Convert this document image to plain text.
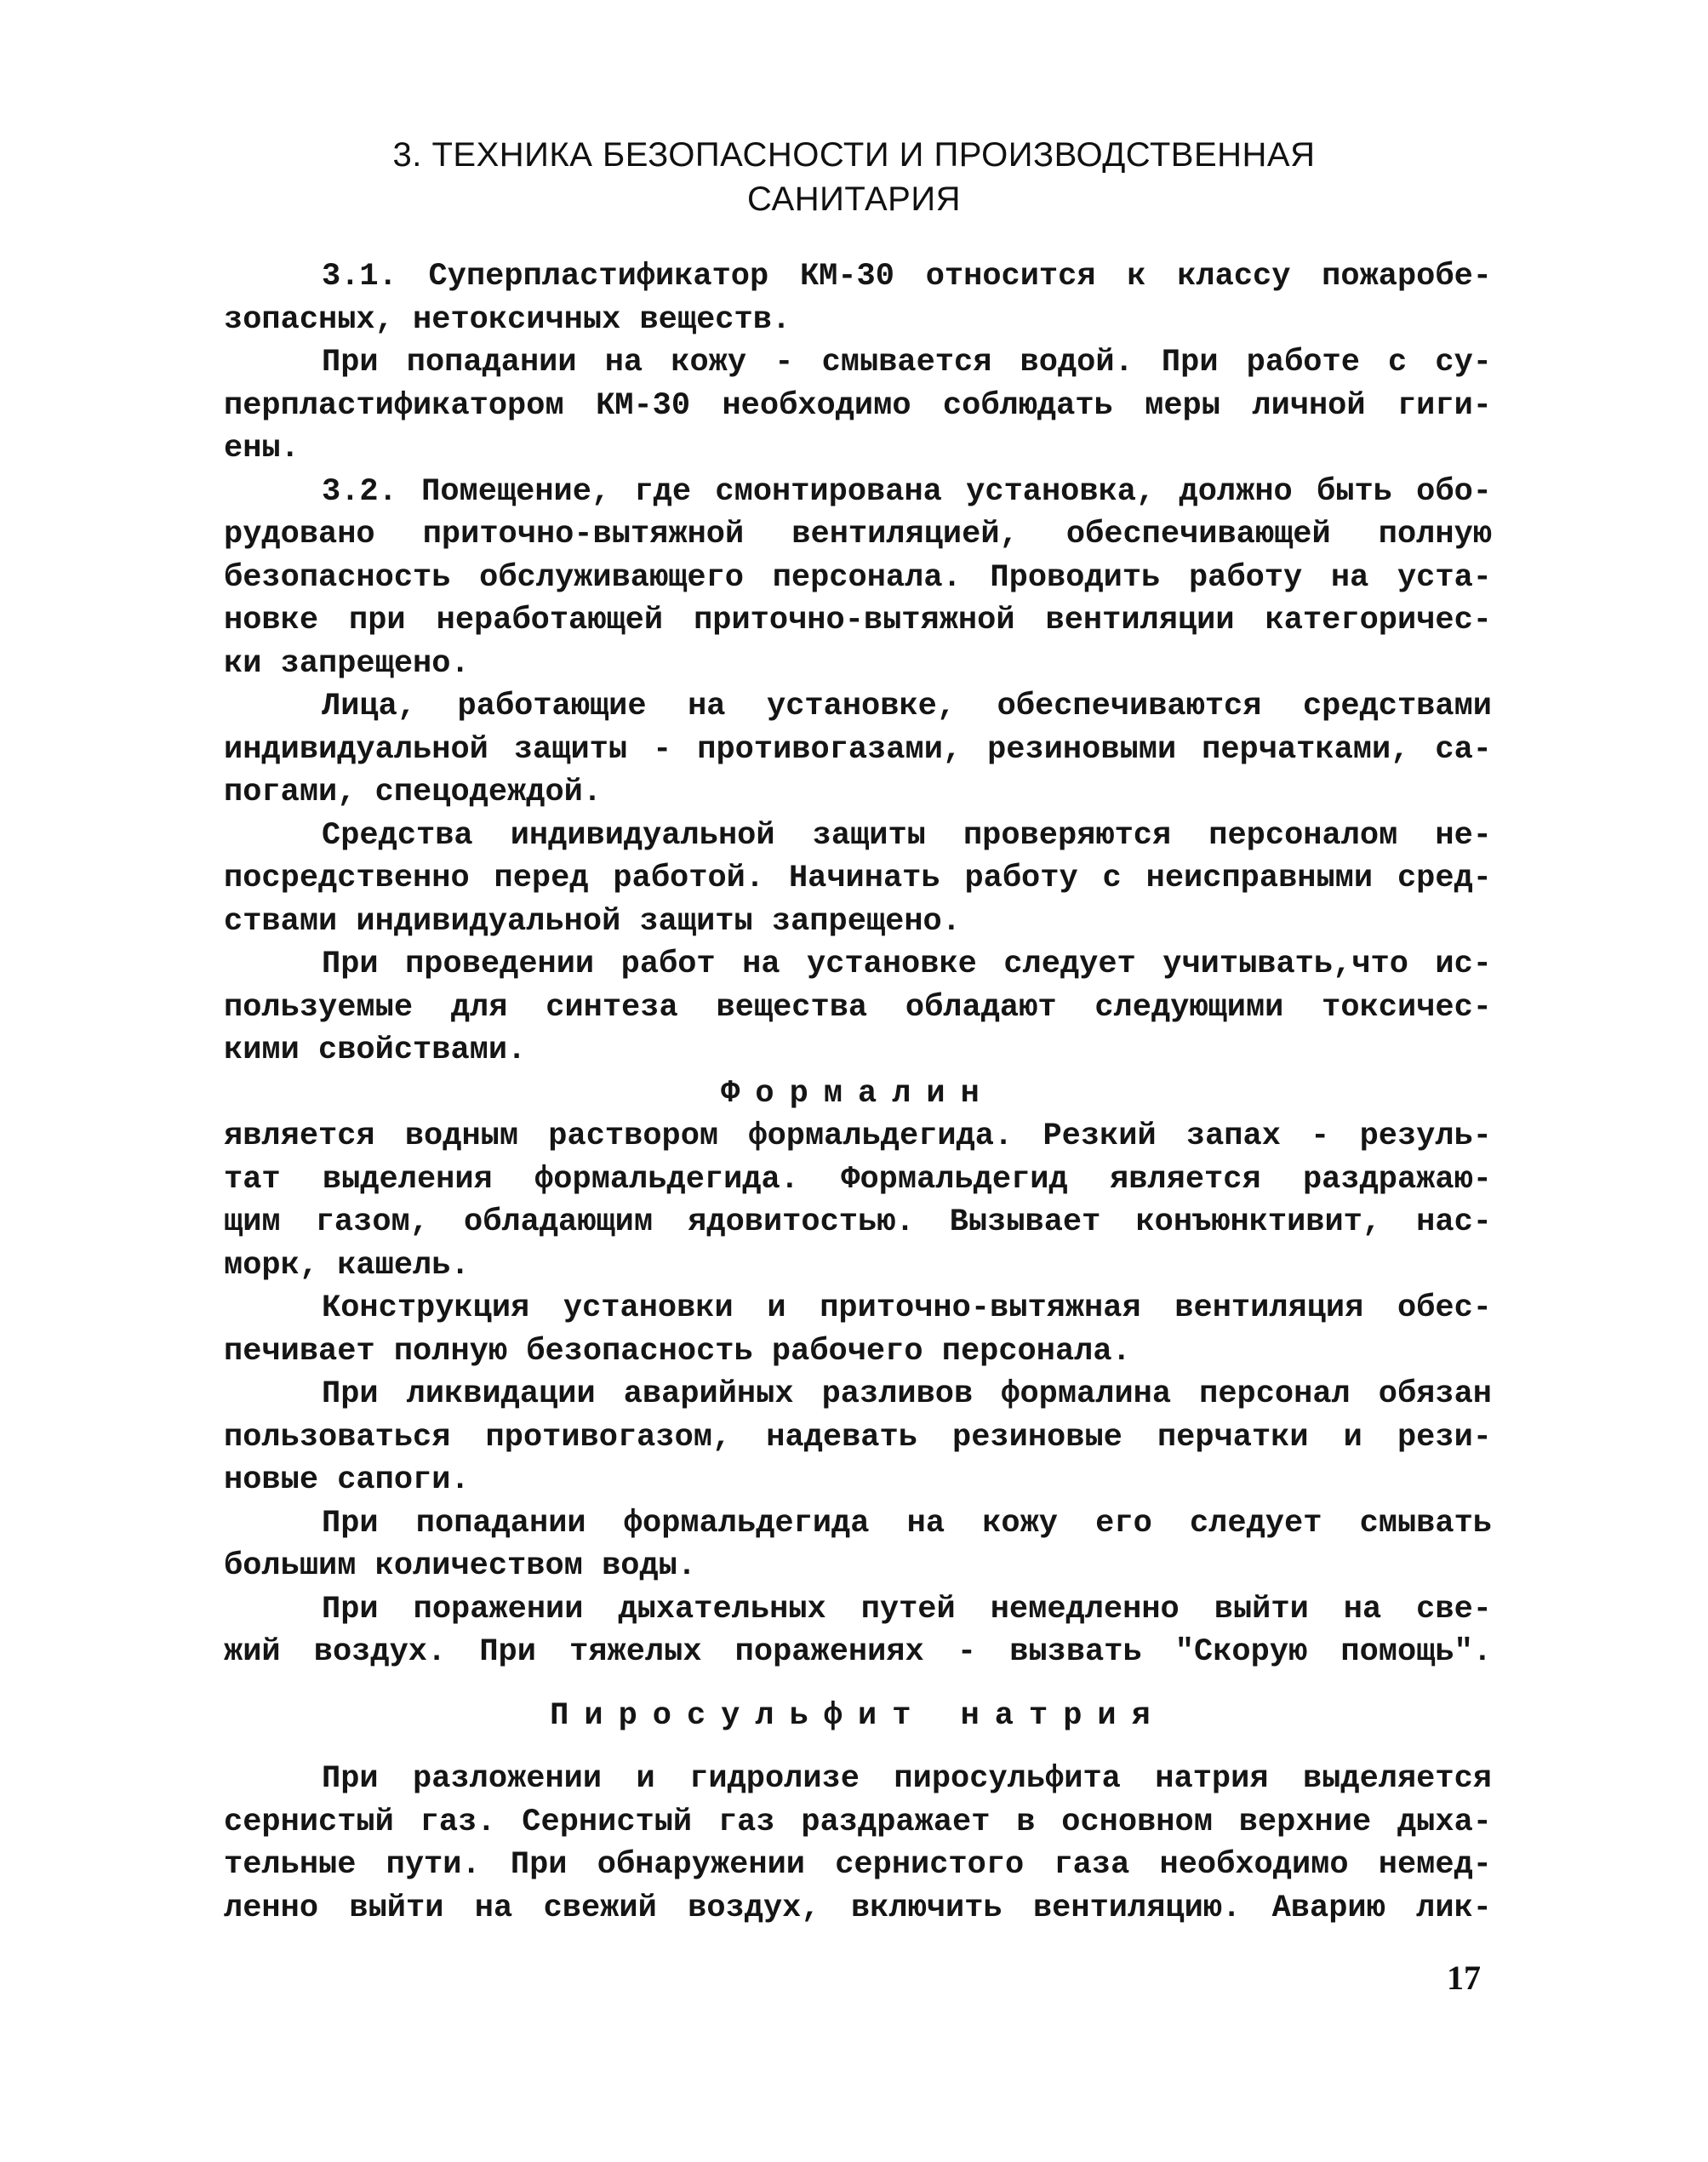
3. ТЕХНИКА БЕЗОПАСНОСТИ И ПРОИЗВОДСТВЕННАЯ
САНИТАРИЯ
3.1. Суперпластификатор КМ-30 относится к классу пожаробе-
зопасных, нетоксичных веществ.
При попадании на кожу - смывается водой. При работе с су-
перпластификатором КМ-30 необходимо соблюдать меры личной гиги-
ены.
3.2. Помещение, где смонтирована установка, должно быть обо-
рудовано приточно-вытяжной вентиляцией, обеспечивающей полную
безопасность обслуживающего персонала. Проводить работу на уста-
новке при неработающей приточно-вытяжной вентиляции категоричес-
ки запрещено.
Лица, работающие на установке, обеспечиваются средствами
индивидуальной защиты - противогазами, резиновыми перчатками, са-
погами, спецодеждой.
Средства индивидуальной защиты проверяются персоналом не-
посредственно перед работой. Начинать работу с неисправными сред-
ствами индивидуальной защиты запрещено.
При проведении работ на установке следует учитывать,что ис-
пользуемые для синтеза вещества обладают следующими токсичес-
кими свойствами.
Формалин
является водным раствором формальдегида. Резкий запах - резуль-
тат выделения формальдегида. Формальдегид является раздражаю-
щим газом, обладающим ядовитостью. Вызывает конъюнктивит, нас-
морк, кашель.
Конструкция установки и приточно-вытяжная вентиляция обес-
печивает полную безопасность рабочего персонала.
При ликвидации аварийных разливов формалина персонал обязан
пользоваться противогазом, надевать резиновые перчатки и рези-
новые сапоги.
При попадании формальдегида на кожу его следует смывать
большим количеством воды.
При поражении дыхательных путей немедленно выйти на све-
жий воздух. При тяжелых поражениях - вызвать "Скорую помощь".
Пиросульфит натрия
При разложении и гидролизе пиросульфита натрия выделяется
сернистый газ. Сернистый газ раздражает в основном верхние дыха-
тельные пути. При обнаружении сернистого газа необходимо немед-
ленно выйти на свежий воздух, включить вентиляцию. Аварию лик-
17
